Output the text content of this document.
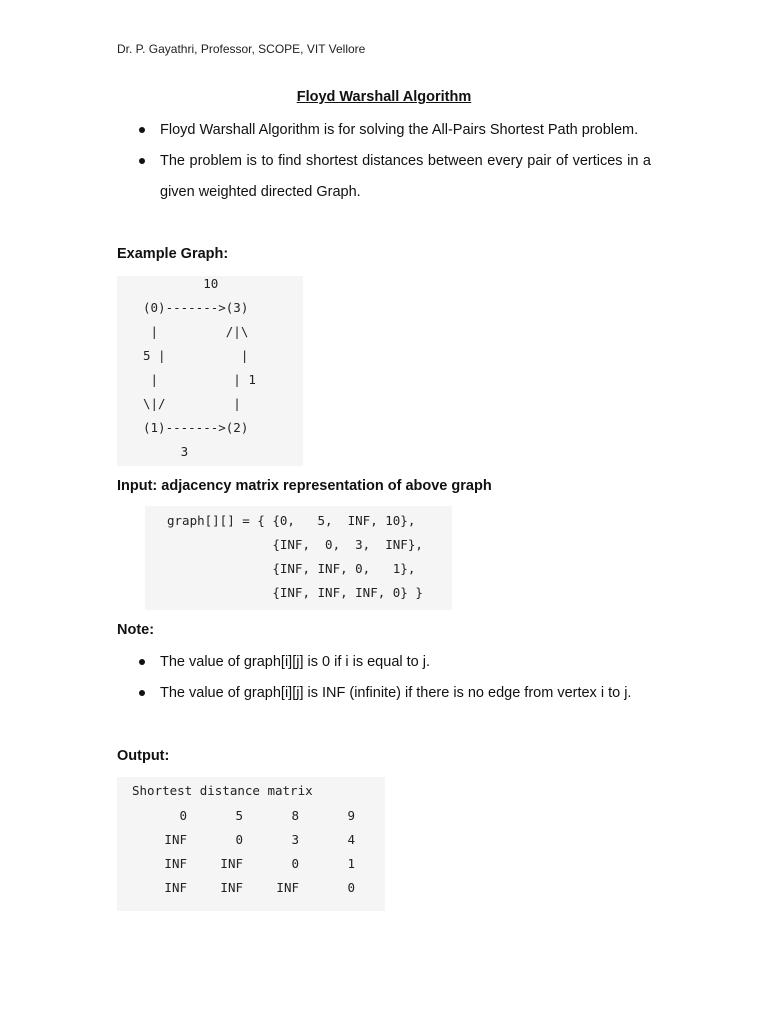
Dr. P. Gayathri, Professor, SCOPE, VIT Vellore
Floyd Warshall Algorithm
Floyd Warshall Algorithm is for solving the All-Pairs Shortest Path problem.
The problem is to find shortest distances between every pair of vertices in a given weighted directed Graph.
Example Graph:

10
(0)------->(3)
|         /|\
5 |          |
|          | 1
\|/         |
(1)------->(2)
3

Input: adjacency matrix representation of above graph

graph[][] = { {0,   5,  INF, 10},
{INF,  0,  3,  INF},
{INF, INF, 0,   1},
{INF, INF, INF, 0} }

Note:
The value of graph[i][j] is 0 if i is equal to j.
The value of graph[i][j] is INF (infinite) if there is no edge from vertex i to j.
Output:

Shortest distance matrix

0	5	8	9
INF	0	3	4
INF	INF	0	1
INF	INF	INF	0
